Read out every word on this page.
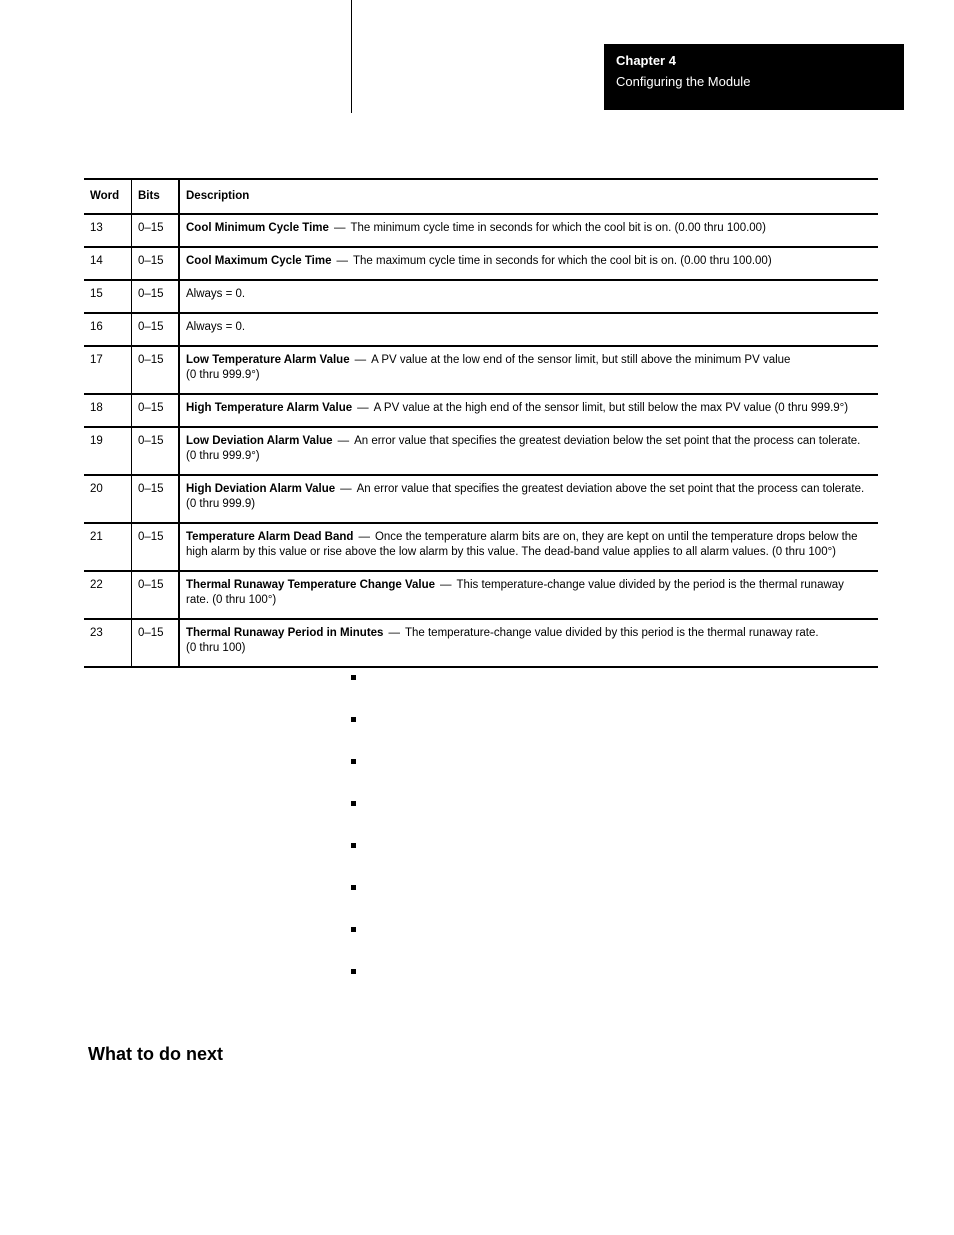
Chapter 4
Configuring the Module
Word	Bits	Description
13	0–15	Cool Minimum Cycle Time — The minimum cycle time in seconds for which the cool bit is on. (0.00 thru 100.00)
14	0–15	Cool Maximum Cycle Time — The maximum cycle time in seconds for which the cool bit is on. (0.00 thru 100.00)
15	0–15	Always = 0.
16	0–15	Always = 0.
17	0–15	Low Temperature Alarm Value — A PV value at the low end of the sensor limit, but still above the minimum PV value
(0 thru 999.9°)
18	0–15	High Temperature Alarm Value — A PV value at the high end of the sensor limit, but still below the max PV value (0 thru 999.9°)
19	0–15	Low Deviation Alarm Value — An error value that specifies the greatest deviation below the set point that the process can tolerate.
(0 thru 999.9°)
20	0–15	High Deviation Alarm Value — An error value that specifies the greatest deviation above the set point that the process can tolerate.
(0 thru 999.9)
21	0–15	Temperature Alarm Dead Band — Once the temperature alarm bits are on, they are kept on until the temperature drops below the
high alarm by this value or rise above the low alarm by this value. The dead-band value applies to all alarm values. (0 thru 100°)
22	0–15	Thermal Runaway Temperature Change Value — This temperature-change value divided by the period is the thermal runaway
rate. (0 thru 100°)
23	0–15	Thermal Runaway Period in Minutes — The temperature-change value divided by this period is the thermal runaway rate.
(0 thru 100)
What to do next
